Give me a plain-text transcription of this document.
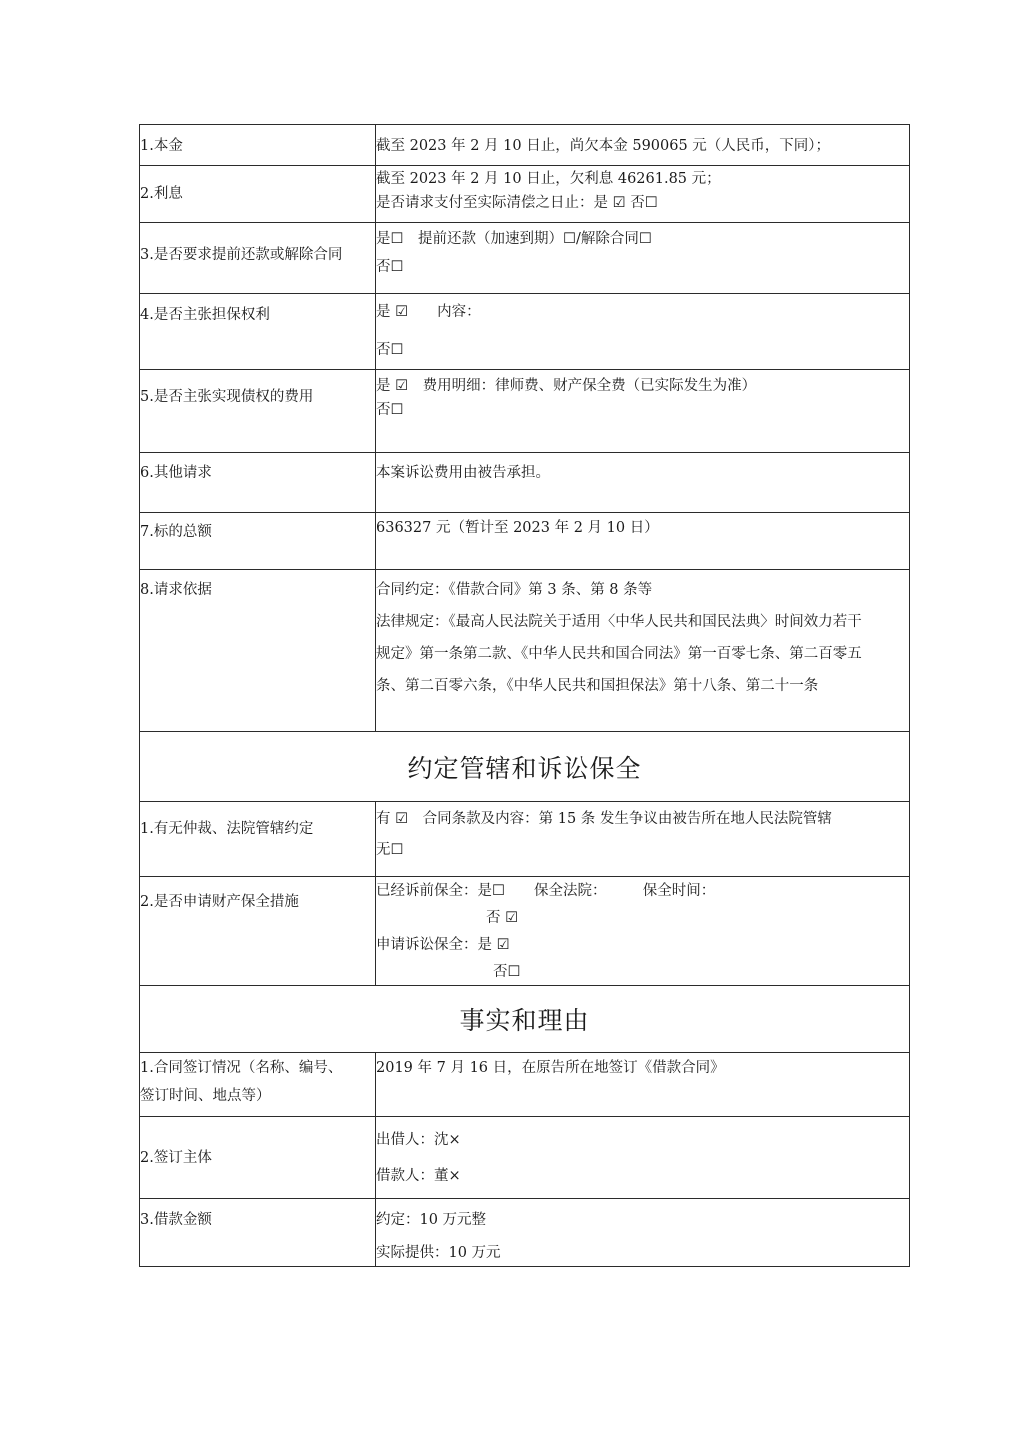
1.本金	截至 2023 年 2 月 10 日止，尚欠本金 590065 元（人民币，下同）；

2.利息	截至 2023 年 2 月 10 日止，欠利息 46261.85 元；
是否请求支付至实际清偿之日止：是 ☑ 否☐

3.是否要求提前还款或解除合同	是☐　提前还款（加速到期）☐/解除合同☐
否☐

4.是否主张担保权利	是 ☑　　内容：
否☐

5.是否主张实现债权的费用	是 ☑　费用明细：律师费、财产保全费（已实际发生为准）
否☐

6.其他请求	本案诉讼费用由被告承担。

7.标的总额	636327 元（暂计至 2023 年 2 月 10 日）

8.请求依据	合同约定：《借款合同》第 3 条、第 8 条等
法律规定：《最高人民法院关于适用〈中华人民共和国民法典〉时间效力若干
规定》第一条第二款、《中华人民共和国合同法》第一百零七条、第二百零五
条、第二百零六条，《中华人民共和国担保法》第十八条、第二十一条

约定管辖和诉讼保全	

1.有无仲裁、法院管辖约定	有 ☑　合同条款及内容：第 15 条 发生争议由被告所在地人民法院管辖
无☐

2.是否申请财产保全措施	已经诉前保全：是☐　　保全法院：　　　保全时间：
否 ☑
申请诉讼保全：是 ☑
否☐

事实和理由	

1.合同签订情况（名称、编号、
签订时间、地点等）	2019 年 7 月 16 日，在原告所在地签订《借款合同》

2.签订主体	出借人：沈×
借款人：董×

3.借款金额	约定：10 万元整
实际提供：10 万元
